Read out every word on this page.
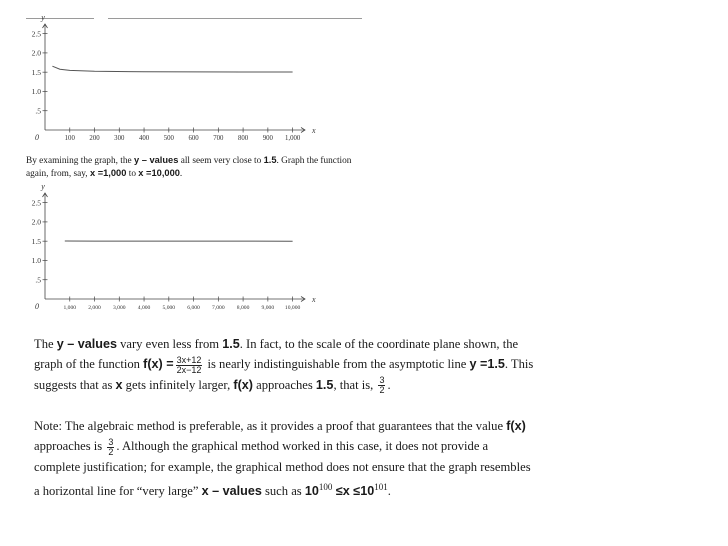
y
x
0
2.5
2.0
1.5
1.0
.5
100 200 300 400 500 600 700 800 900 1,000
By examining the graph, the y – values all seem very close to 1.5. Graph the function again, from, say, x =1,000 to x =10,000.
y
x
0
2.5
2.0
1.5
1.0
.5
1,000 2,000 3,000 4,000 5,000 6,000 7,000 8,000 9,000 10,000
The y – values vary even less from 1.5. In fact, to the scale of the coordinate plane shown, the graph of the function $f(x) = \frac{3x+12}{2x-12}$ is nearly indistinguishable from the asymptotic line y =1.5. This suggests that as x gets infinitely larger, f(x) approaches 1.5, that is, $\frac{3}{2}$ .
Note: The algebraic method is preferable, as it provides a proof that guarantees that the value f(x) approaches is $\frac{3}{2}$ . Although the graphical method worked in this case, it does not provide a complete justification; for example, the graphical method does not ensure that the graph resembles a horizontal line for “very large” x – values such as $10^{100} \le x \le 10^{101}$.
